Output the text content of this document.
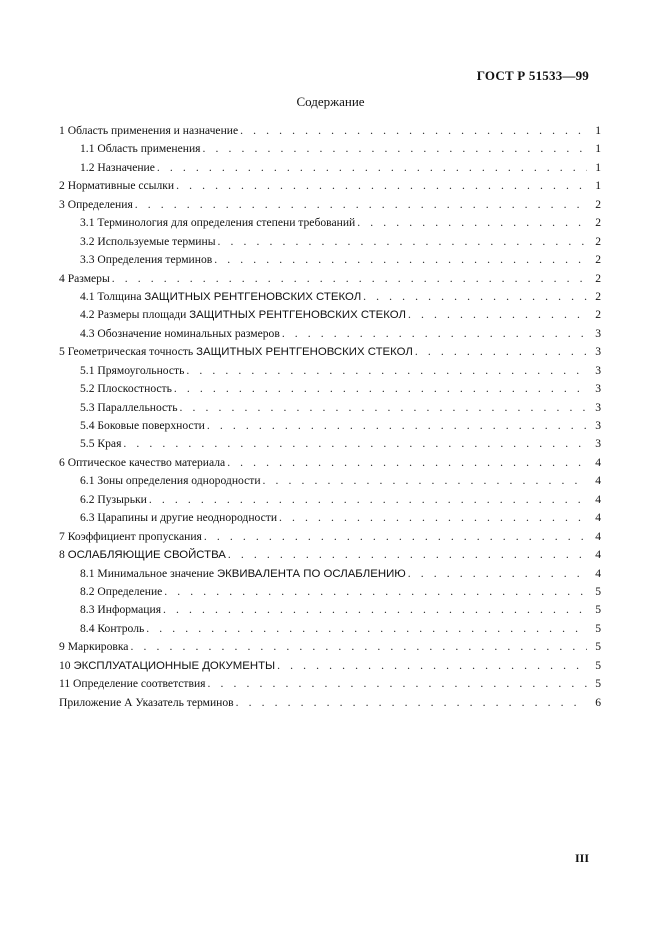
ГОСТ Р 51533—99
Содержание
1 Область применения и назначение . . .	1
1.1 Область применения . . .	1
1.2 Назначение . . .	1
2 Нормативные ссылки . . .	1
3 Определения . . .	2
3.1 Терминология для определения степени требований . . .	2
3.2 Используемые термины . . .	2
3.3 Определения терминов . . .	2
4 Размеры . . .	2
4.1 Толщина ЗАЩИТНЫХ РЕНТГЕНОВСКИХ СТЕКОЛ . . .	2
4.2 Размеры площади ЗАЩИТНЫХ РЕНТГЕНОВСКИХ СТЕКОЛ . . .	2
4.3 Обозначение номинальных размеров . . .	3
5 Геометрическая точность ЗАЩИТНЫХ РЕНТГЕНОВСКИХ СТЕКОЛ . . .	3
5.1 Прямоугольность . . .	3
5.2 Плоскостность . . .	3
5.3 Параллельность . . .	3
5.4 Боковые поверхности . . .	3
5.5 Края . . .	3
6 Оптическое качество материала . . .	4
6.1 Зоны определения однородности . . .	4
6.2 Пузырьки . . .	4
6.3 Царапины и другие неоднородности . . .	4
7 Коэффициент пропускания . . .	4
8 ОСЛАБЛЯЮЩИЕ СВОЙСТВА . . .	4
8.1 Минимальное значение ЭКВИВАЛЕНТА ПО ОСЛАБЛЕНИЮ . . .	4
8.2 Определение . . .	5
8.3 Информация . . .	5
8.4 Контроль . . .	5
9 Маркировка . . .	5
10 ЭКСПЛУАТАЦИОННЫЕ ДОКУМЕНТЫ . . .	5
11 Определение соответствия . . .	5
Приложение А Указатель терминов . . .	6
III
